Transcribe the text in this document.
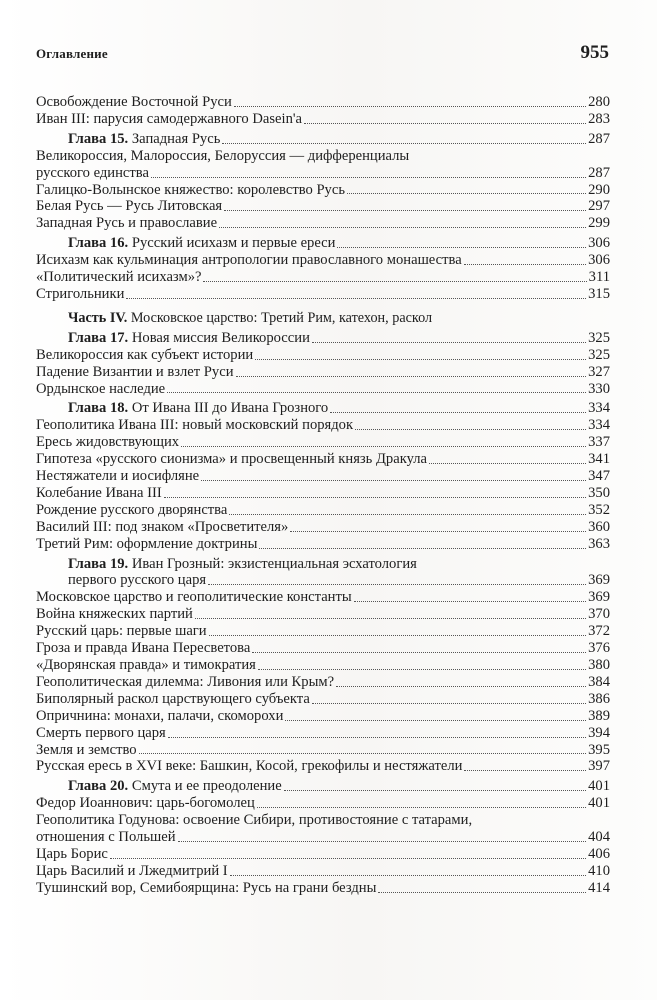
Оглавление	955
Освобождение Восточной Руси	280
Иван III: парусия самодержавного Dasein'a	283
Глава 15. Западная Русь	287
Великороссия, Малороссия, Белоруссия — дифференциалы
русского единства	287
Галицко-Волынское княжество: королевство Русь	290
Белая Русь — Русь Литовская	297
Западная Русь и православие	299
Глава 16. Русский исихазм и первые ереси	306
Исихазм как кульминация антропологии православного монашества	306
«Политический исихазм»?	311
Стригольники	315
Часть IV. Московское царство: Третий Рим, катехон, раскол
Глава 17. Новая миссия Великороссии	325
Великороссия как субъект истории	325
Падение Византии и взлет Руси	327
Ордынское наследие	330
Глава 18. От Ивана III до Ивана Грозного	334
Геополитика Ивана III: новый московский порядок	334
Ересь жидовствующих	337
Гипотеза «русского сионизма» и просвещенный князь Дракула	341
Нестяжатели и иосифляне	347
Колебание Ивана III	350
Рождение русского дворянства	352
Василий III: под знаком «Просветителя»	360
Третий Рим: оформление доктрины	363
Глава 19. Иван Грозный: экзистенциальная эсхатология
первого русского царя	369
Московское царство и геополитические константы	369
Война княжеских партий	370
Русский царь: первые шаги	372
Гроза и правда Ивана Пересветова	376
«Дворянская правда» и тимократия	380
Геополитическая дилемма: Ливония или Крым?	384
Биполярный раскол царствующего субъекта	386
Опричнина: монахи, палачи, скоморохи	389
Смерть первого царя	394
Земля и земство	395
Русская ересь в XVI веке: Башкин, Косой, грекофилы и нестяжатели	397
Глава 20. Смута и ее преодоление	401
Федор Иоаннович: царь-богомолец	401
Геополитика Годунова: освоение Сибири, противостояние с татарами,
отношения с Польшей	404
Царь Борис	406
Царь Василий и Лжедмитрий I	410
Тушинский вор, Семибоярщина: Русь на грани бездны	414
